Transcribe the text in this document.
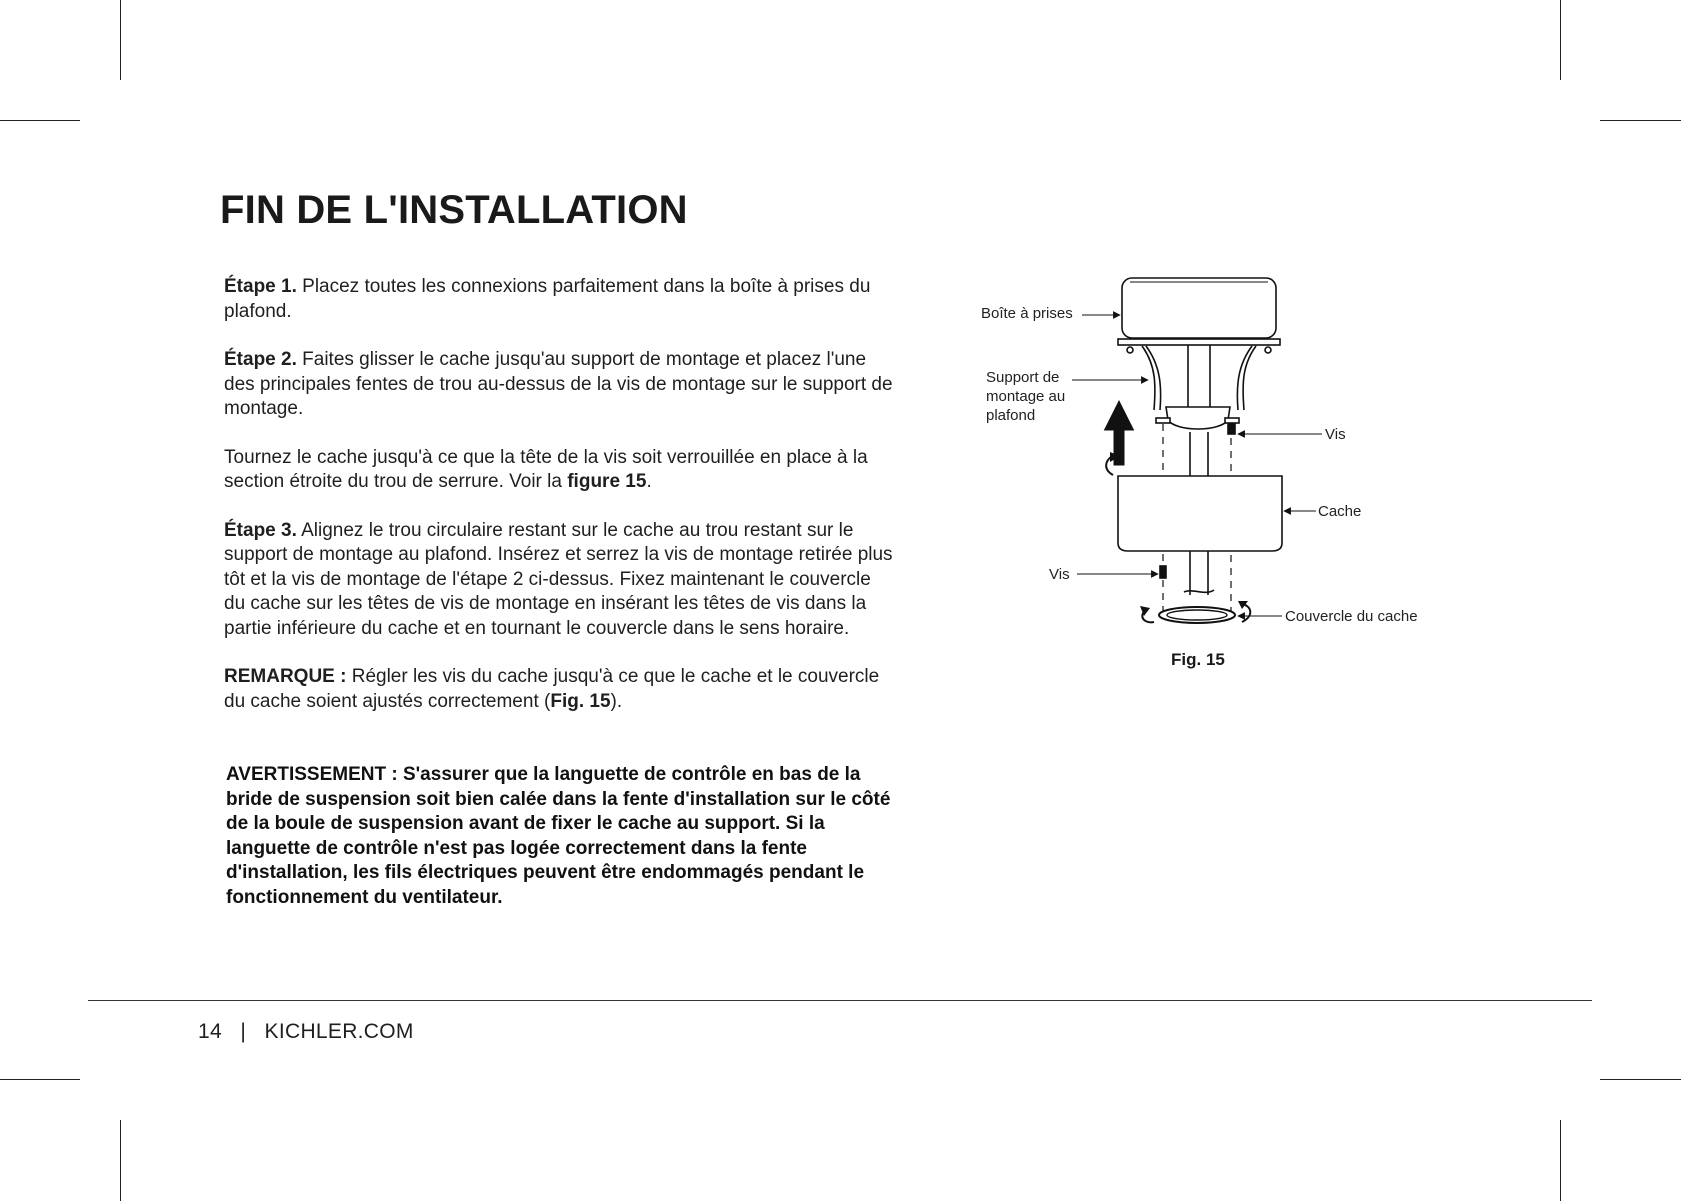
FIN DE L'INSTALLATION

Étape 1. Placez toutes les connexions parfaitement dans la boîte à prises du plafond.

Étape 2. Faites glisser le cache jusqu'au support de montage et placez l'une des principales fentes de trou au-dessus de la vis de montage sur le support de montage.

Tournez le cache jusqu'à ce que la tête de la vis soit verrouillée en place à la section étroite du trou de serrure. Voir la figure 15.

Étape 3. Alignez le trou circulaire restant sur le cache au trou restant sur le support de montage au plafond. Insérez et serrez la vis de montage retirée plus tôt et la vis de montage de l'étape 2 ci-dessus. Fixez maintenant le couvercle du cache sur les têtes de vis de montage en insérant les têtes de vis dans la partie inférieure du cache et en tournant le couvercle dans le sens horaire.

REMARQUE : Régler les vis du cache jusqu'à ce que le cache et le couvercle du cache soient ajustés correctement (Fig. 15).

AVERTISSEMENT : S'assurer que la languette de contrôle en bas de la bride de suspension soit bien calée dans la fente d'installation sur le côté de la boule de suspension avant de fixer le cache au support. Si la languette de contrôle n'est pas logée correctement dans la fente d'installation, les fils électriques peuvent être endommagés pendant le fonctionnement du ventilateur.

Boîte à prises
Support de
montage au
plafond
Vis
Cache
Vis
Couvercle du cache
Fig. 15
14 | KICHLER.COM
